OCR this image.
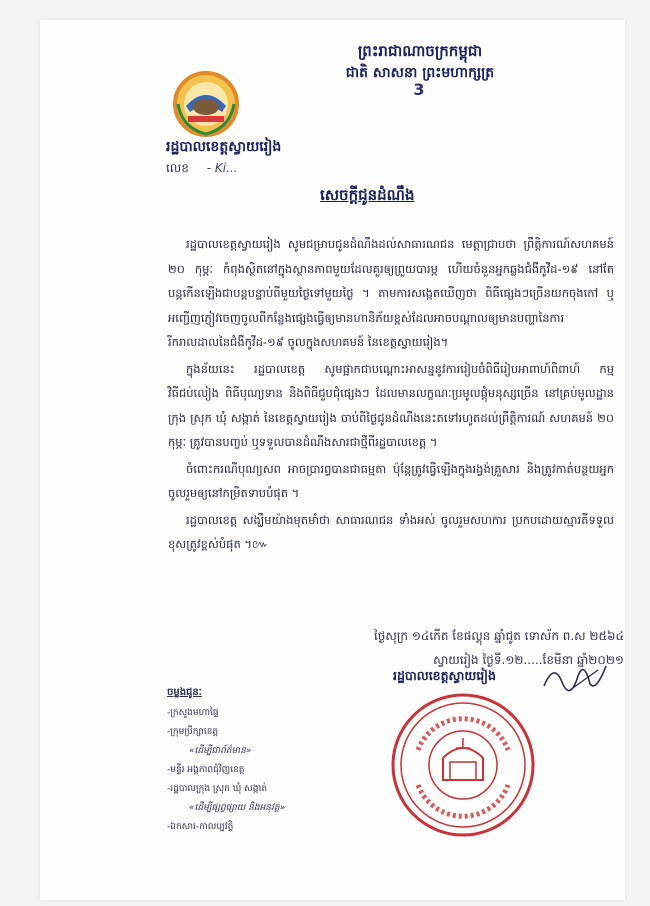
ព្រះរាជាណាចក្រកម្ពុជា
ជាតិ សាសនា ព្រះមហាក្សត្រ
3
រដ្ឋបាលខេត្តស្វាយរៀង
លេខ - Ki...
សេចក្តីជូនដំណឹង

រដ្ឋបាលខេត្តស្វាយរៀង សូមជម្រាបជូនដំណឹងដល់សាធារណជន មេត្តាជ្រាបថា ព្រឹត្តិការណ៍សហគមន៍ ២០ កុម្ភៈ កំពុងស្ថិតនៅក្នុងស្ថានភាពមួយដែលគួរឲ្យព្រួយបារម្ភ ហើយចំនួនអ្នកឆ្លងជំងឺកូវីដ-១៩ នៅតែបន្តកើនឡើងជាបន្តបន្ទាប់ពីមួយថ្ងៃទៅមួយថ្ងៃ ។ តាមការសង្កេតឃើញថា ពិធីផ្សេងៗច្រើនយកចុងកៅ ឬអញ្ជើញភ្ញៀវចេញចូលពីកន្លែងផ្សេងធ្វើឲ្យមានហានិភ័យខ្ពស់ដែលអាចបណ្តាលឲ្យមានបញ្ហានៃការរីករាលដាលនៃជំងឺកូវីដ-១៩ ចូលក្នុងសហគមន៍ នៃខេត្តស្វាយរៀង។

ក្នុងន័យនេះ រដ្ឋបាលខេត្ត សូមផ្អាកជាបណ្តោះអាសន្ននូវការរៀបចំពិធីរៀបអាពាហ៍ពិពាហ៍ កម្មវិធីជប់លៀង ពិធីបុណ្យទាន និងពិធីជួបជុំផ្សេងៗ ដែលមានលក្ខណៈប្រមូលផ្តុំមនុស្សច្រើន នៅគ្រប់មូលដ្ឋានក្រុង ស្រុក ឃុំ សង្កាត់ នៃខេត្តស្វាយរៀង ចាប់ពីថ្ងៃជូនដំណឹងនេះតទៅរហូតដល់ព្រឹត្តិការណ៍ សហគមន៍ ២០ កុម្ភៈ ត្រូវបានបញ្ចប់ ឬទទួលបានដំណឹងសារជាថ្មីពីរដ្ឋបាលខេត្ត ។

ចំពោះករណីបុណ្យសព អាចប្រារព្ធបានជាធម្មតា ប៉ុន្តែត្រូវធ្វើឡើងក្នុងរង្វង់គ្រួសារ និងត្រូវកាត់បន្ថយអ្នកចូលរួមឲ្យនៅកម្រិតទាបបំផុត ។

រដ្ឋបាលខេត្ត សង្ឃឹមយ៉ាងមុតមាំថា សាធារណជន ទាំងអស់ ចូលរួមសហការ ប្រកបដោយស្មារតីទទួលខុសត្រូវខ្ពស់បំផុត ។៚

ថ្ងៃសុក្រ ១៤កើត ខែផល្គុន ឆ្នាំជូត ទោស័ក ព.ស ២៥៦៤
ស្វាយរៀង ថ្ងៃទី.១២.....ខែមីនា ឆ្នាំ២០២១
រដ្ឋបាលខេត្តស្វាយរៀង
ចម្លងជូនៈ
-ក្រសួងមហាផ្ទៃ
-ក្រុមប្រឹក្សាខេត្ត
«ដើម្បីជាព័ត៌មាន»
-មន្ទីរ អង្គភាពជុំវិញខេត្ត
-រដ្ឋបាលក្រុង ស្រុក ឃុំ សង្កាត់
«ដើម្បីផ្សព្វផ្សាយ និងអនុវត្ត»
-ឯកសារ-កាលប្បវត្តិ
